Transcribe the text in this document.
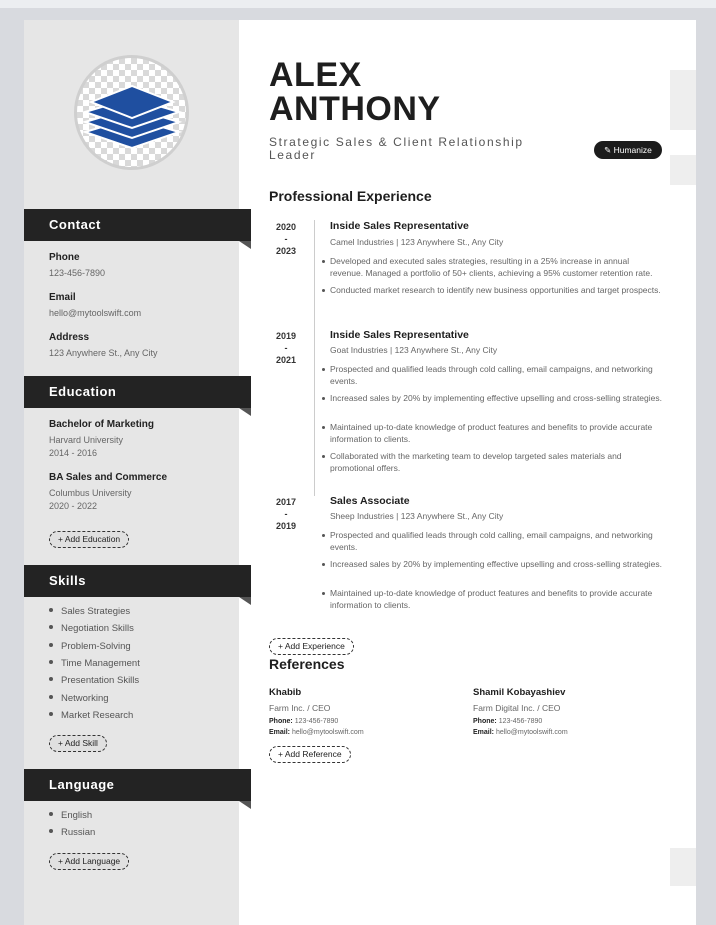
Contact
Phone
123-456-7890
Email
hello@mytoolswift.com
Address
123 Anywhere St., Any City
Education
Bachelor of Marketing
Harvard University
2014 - 2016
BA Sales and Commerce
Columbus University
2020 - 2022
+ Add Education
Skills
Sales Strategies
Negotiation Skills
Problem-Solving
Time Management
Presentation Skills
Networking
Market Research
+ Add Skill
Language
English
Russian
+ Add Language
ALEX
ANTHONY
Strategic Sales & Client Relationship Leader	✎ Humanize
Professional Experience
2020
-
2023
Inside Sales Representative
Camel Industries | 123 Anywhere St., Any City
Developed and executed sales strategies, resulting in a 25% increase in annual revenue. Managed a portfolio of 50+ clients, achieving a 95% customer retention rate.
Conducted market research to identify new business opportunities and target prospects.
2019
-
2021
Inside Sales Representative
Goat Industries | 123 Anywhere St., Any City
Prospected and qualified leads through cold calling, email campaigns, and networking events.
Increased sales by 20% by implementing effective upselling and cross-selling strategies.
Maintained up-to-date knowledge of product features and benefits to provide accurate information to clients.
Collaborated with the marketing team to develop targeted sales materials and promotional offers.
2017
-
2019
Sales Associate
Sheep Industries | 123 Anywhere St., Any City
Prospected and qualified leads through cold calling, email campaigns, and networking events.
Increased sales by 20% by implementing effective upselling and cross-selling strategies.
Maintained up-to-date knowledge of product features and benefits to provide accurate information to clients.
+ Add Experience
References
Khabib
Farm Inc. / CEO
Phone: 123-456-7890
Email: hello@mytoolswift.com
Shamil Kobayashiev
Farm Digital Inc. / CEO
Phone: 123-456-7890
Email: hello@mytoolswift.com
+ Add Reference
